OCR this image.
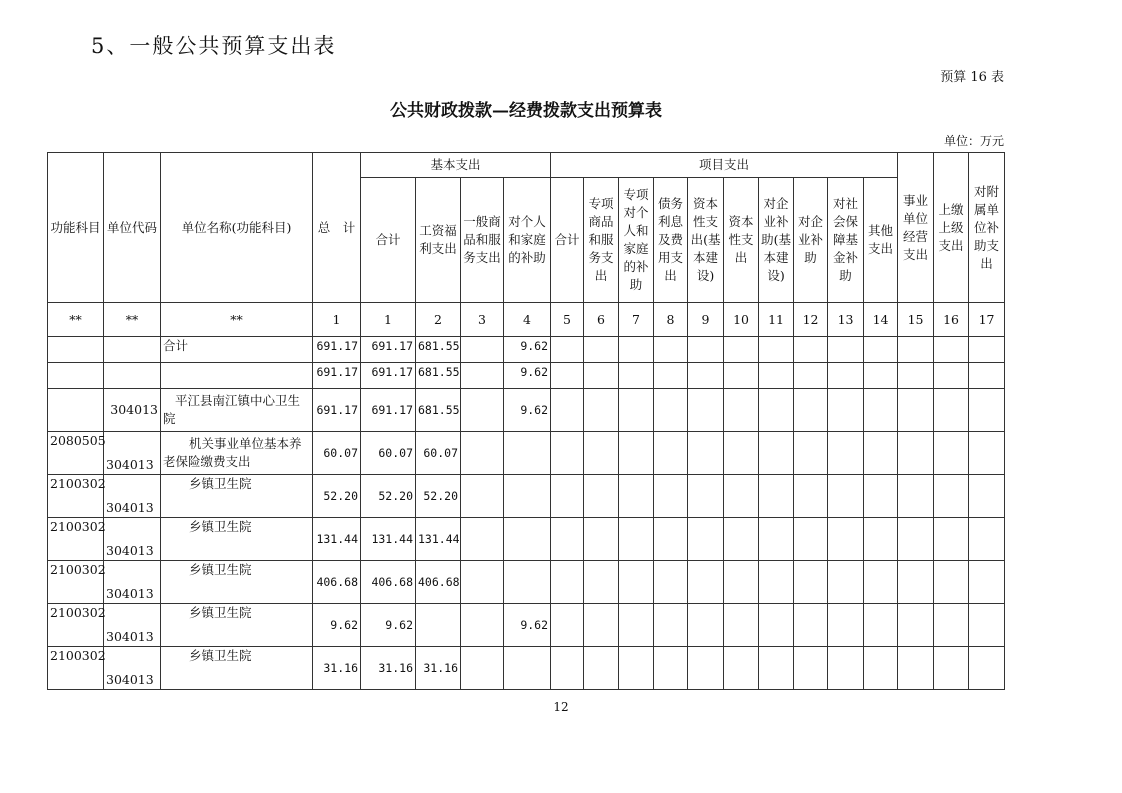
5、一般公共预算支出表
预算 16 表
公共财政拨款—经费拨款支出预算表
单位：万元
功能科目	单位代码	单位名称(功能科目)	总　计	基本支出				项目支出										事业单位经营支出	上缴上级支出	对附属单位补助支出
				合计	工资福利支出	一般商品和服务支出	对个人和家庭的补助	合计	专项商品和服务支出	专项对个人和家庭的补助	债务利息及费用支出	资本性支出(基本建设)	资本性支出	对企业补助(基本建设)	对企业补助	对社会保障基金补助	其他支出			
**	**	**	1	1	2	3	4	5	6	7	8	9	10	11	12	13	14	15	16	17
		合计	691.17	691.17	681.55		9.62													
			691.17	691.17	681.55		9.62													
	304013	平江县南江镇中心卫生院	691.17	691.17	681.55		9.62													
2080505	304013	机关事业单位基本养老保险缴费支出	60.07	60.07	60.07															
2100302	304013	乡镇卫生院	52.20	52.20	52.20															
2100302	304013	乡镇卫生院	131.44	131.44	131.44															
2100302	304013	乡镇卫生院	406.68	406.68	406.68															
2100302	304013	乡镇卫生院	9.62	9.62			9.62													
2100302	304013	乡镇卫生院	31.16	31.16	31.16															
12
